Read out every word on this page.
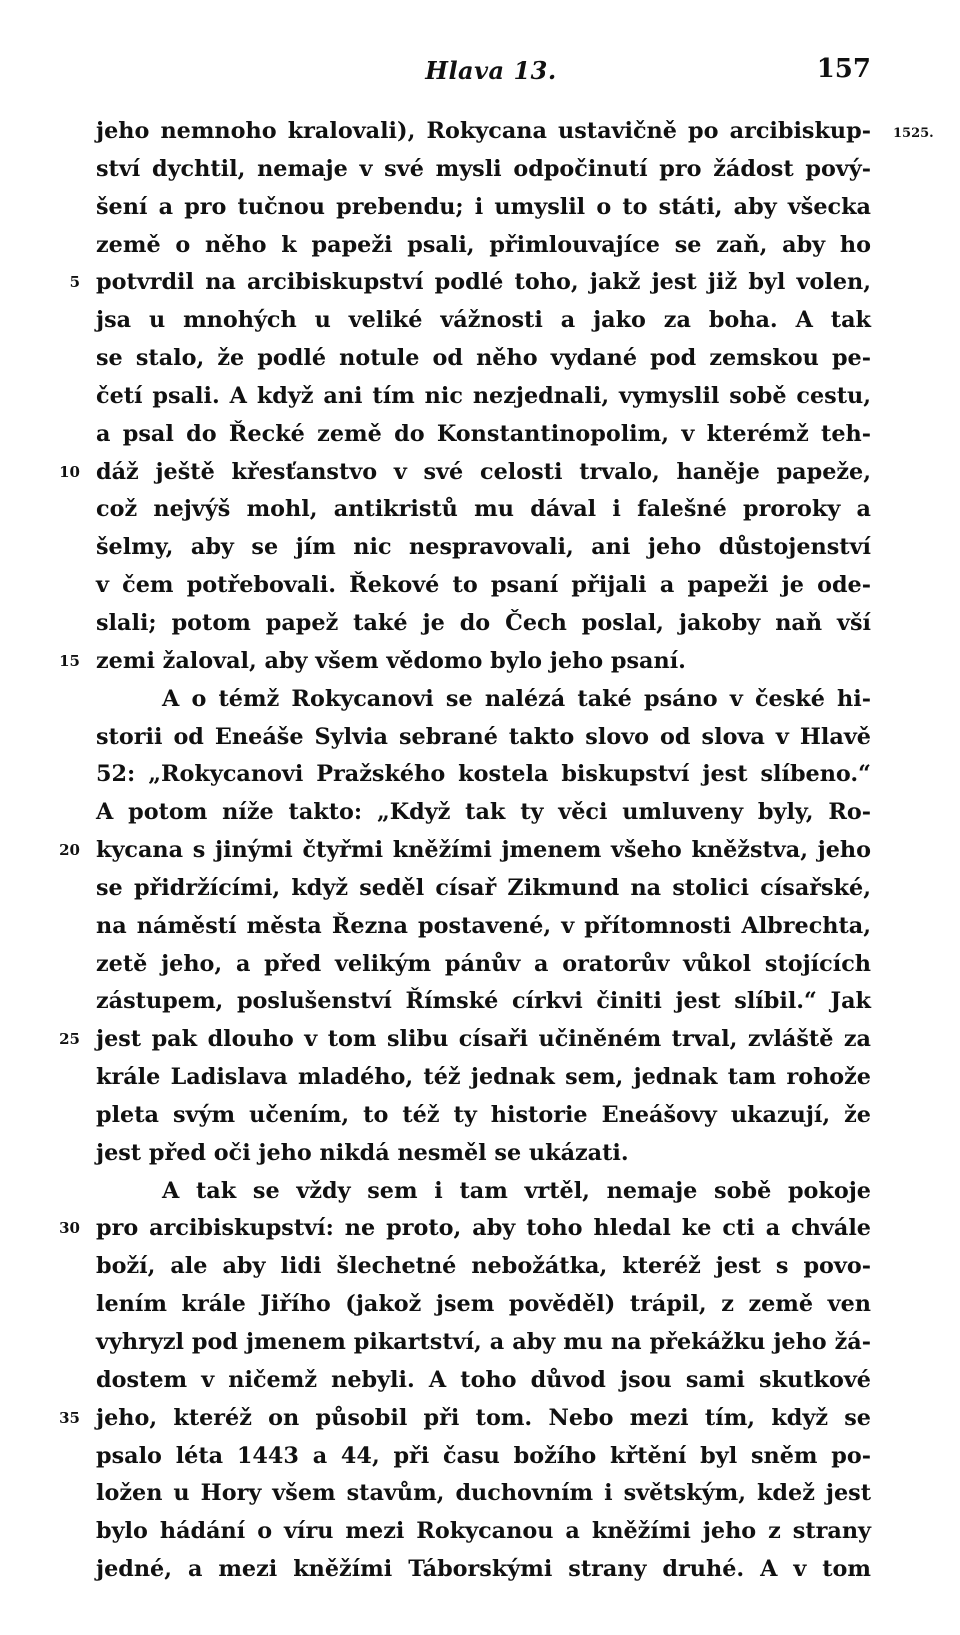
Hlava 13.	157
1525.
jeho nemnoho kralovali), Rokycana ustavičně po arcibiskup-
ství dychtil, nemaje v své mysli odpočinutí pro žádost pový-
šení a pro tučnou prebendu; i umyslil o to státi, aby všecka
země o něho k papeži psali, přimlouvajíce se zaň, aby ho
5 potvrdil na arcibiskupství podlé toho, jakž jest již byl volen,
jsa u mnohých u veliké vážnosti a jako za boha. A tak
se stalo, že podlé notule od něho vydané pod zemskou pe-
četí psali. A když ani tím nic nezjednali, vymyslil sobě cestu,
a psal do Řecké země do Konstantinopolim, v kterémž teh-
10 dáž ještě křesťanstvo v své celosti trvalo, haněje papeže,
což nejvýš mohl, antikristů mu dával i falešné proroky a
šelmy, aby se jím nic nespravovali, ani jeho důstojenství
v čem potřebovali. Řekové to psaní přijali a papeži je ode-
slali; potom papež také je do Čech poslal, jakoby naň vší
15 zemi žaloval, aby všem vědomo bylo jeho psaní.
A o témž Rokycanovi se nalézá také psáno v české hi-
storii od Eneáše Sylvia sebrané takto slovo od slova v Hlavě
52: „Rokycanovi Pražského kostela biskupství jest slíbeno.“
A potom níže takto: „Když tak ty věci umluveny byly, Ro-
20 kycana s jinými čtyřmi kněžími jmenem všeho kněžstva, jeho
se přidržícími, když seděl císař Zikmund na stolici císařské,
na náměstí města Řezna postavené, v přítomnosti Albrechta,
zetě jeho, a před velikým pánův a oratorův vůkol stojících
zástupem, poslušenství Římské církvi činiti jest slíbil.“ Jak
25 jest pak dlouho v tom slibu císaři učiněném trval, zvláště za
krále Ladislava mladého, též jednak sem, jednak tam rohože
pleta svým učením, to též ty historie Eneášovy ukazují, že
jest před oči jeho nikdá nesměl se ukázati.
A tak se vždy sem i tam vrtěl, nemaje sobě pokoje
30 pro arcibiskupství: ne proto, aby toho hledal ke cti a chvále
boží, ale aby lidi šlechetné nebožátka, kteréž jest s povo-
lením krále Jiřího (jakož jsem pověděl) trápil, z země ven
vyhryzl pod jmenem pikartství, a aby mu na překážku jeho žá-
dostem v ničemž nebyli. A toho důvod jsou sami skutkové
35 jeho, kteréž on působil při tom. Nebo mezi tím, když se
psalo léta 1443 a 44, při času božího křtění byl sněm po-
ložen u Hory všem stavům, duchovním i světským, kdež jest
bylo hádání o víru mezi Rokycanou a kněžími jeho z strany
jedné, a mezi kněžími Táborskými strany druhé. A v tom
